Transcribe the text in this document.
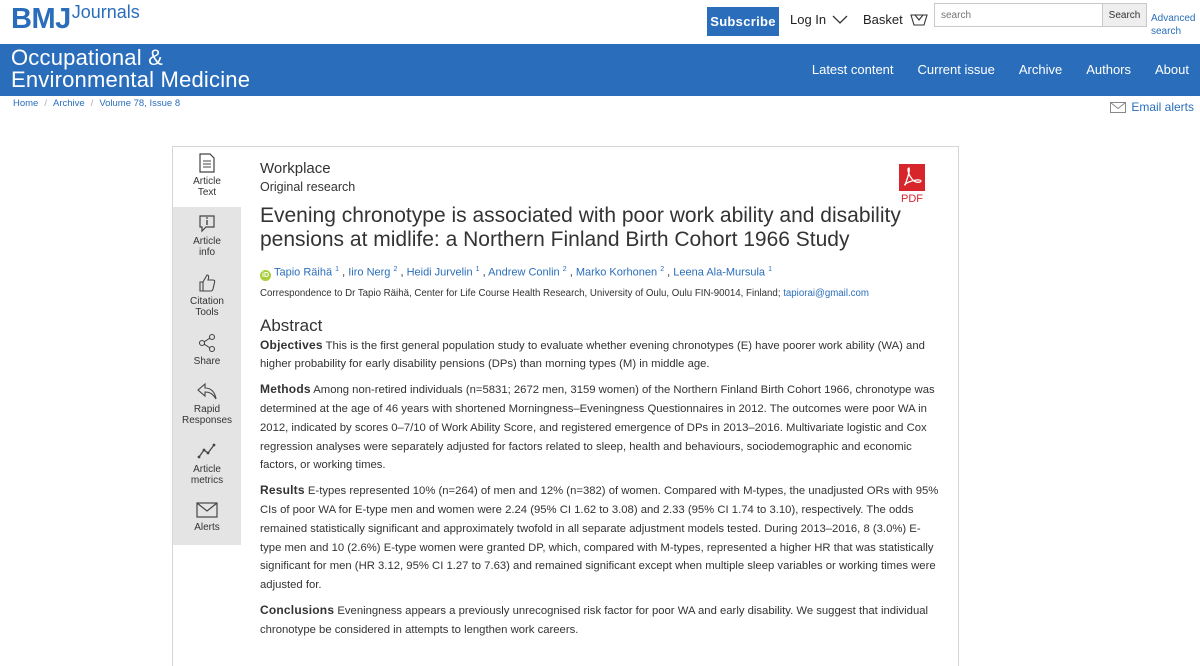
BMJJournals	Subscribe Log In	Basket
search	Search	Advanced search
Occupational &
Environmental Medicine	Latest content Current issue Archive Authors About
Home / Archive / Volume 78, Issue 8	Email alerts
Article
Text
Article
info
Citation
Tools
Share
Rapid
Responses
Article
metrics
Alerts
PDF
Workplace
Original research
Evening chronotype is associated with poor work ability and disability pensions at midlife: a Northern Finland Birth Cohort 1966 Study
iD Tapio Räihä $^1$ , Iiro Nerg $^2$ , Heidi Jurvelin $^1$ , Andrew Conlin $^2$ , Marko Korhonen $^2$ , Leena Ala-Mursula $^1$
Correspondence to Dr Tapio Räihä, Center for Life Course Health Research, University of Oulu, Oulu FIN-90014, Finland; tapiorai@gmail.com
Abstract
Objectives This is the first general population study to evaluate whether evening chronotypes (E) have poorer work ability (WA) and higher probability for early disability pensions (DPs) than morning types (M) in middle age.
Methods Among non-retired individuals (n=5831; 2672 men, 3159 women) of the Northern Finland Birth Cohort 1966, chronotype was determined at the age of 46 years with shortened Morningness–Eveningness Questionnaires in 2012. The outcomes were poor WA in 2012, indicated by scores 0–7/10 of Work Ability Score, and registered emergence of DPs in 2013–2016. Multivariate logistic and Cox regression analyses were separately adjusted for factors related to sleep, health and behaviours, sociodemographic and economic factors, or working times.
Results E-types represented 10% (n=264) of men and 12% (n=382) of women. Compared with M-types, the unadjusted ORs with 95% CIs of poor WA for E-type men and women were 2.24 (95% CI 1.62 to 3.08) and 2.33 (95% CI 1.74 to 3.10), respectively. The odds remained statistically significant and approximately twofold in all separate adjustment models tested. During 2013–2016, 8 (3.0%) E-type men and 10 (2.6%) E-type women were granted DP, which, compared with M-types, represented a higher HR that was statistically significant for men (HR 3.12, 95% CI 1.27 to 7.63) and remained significant except when multiple sleep variables or working times were adjusted for.
Conclusions Eveningness appears a previously unrecognised risk factor for poor WA and early disability. We suggest that individual chronotype be considered in attempts to lengthen work careers.
